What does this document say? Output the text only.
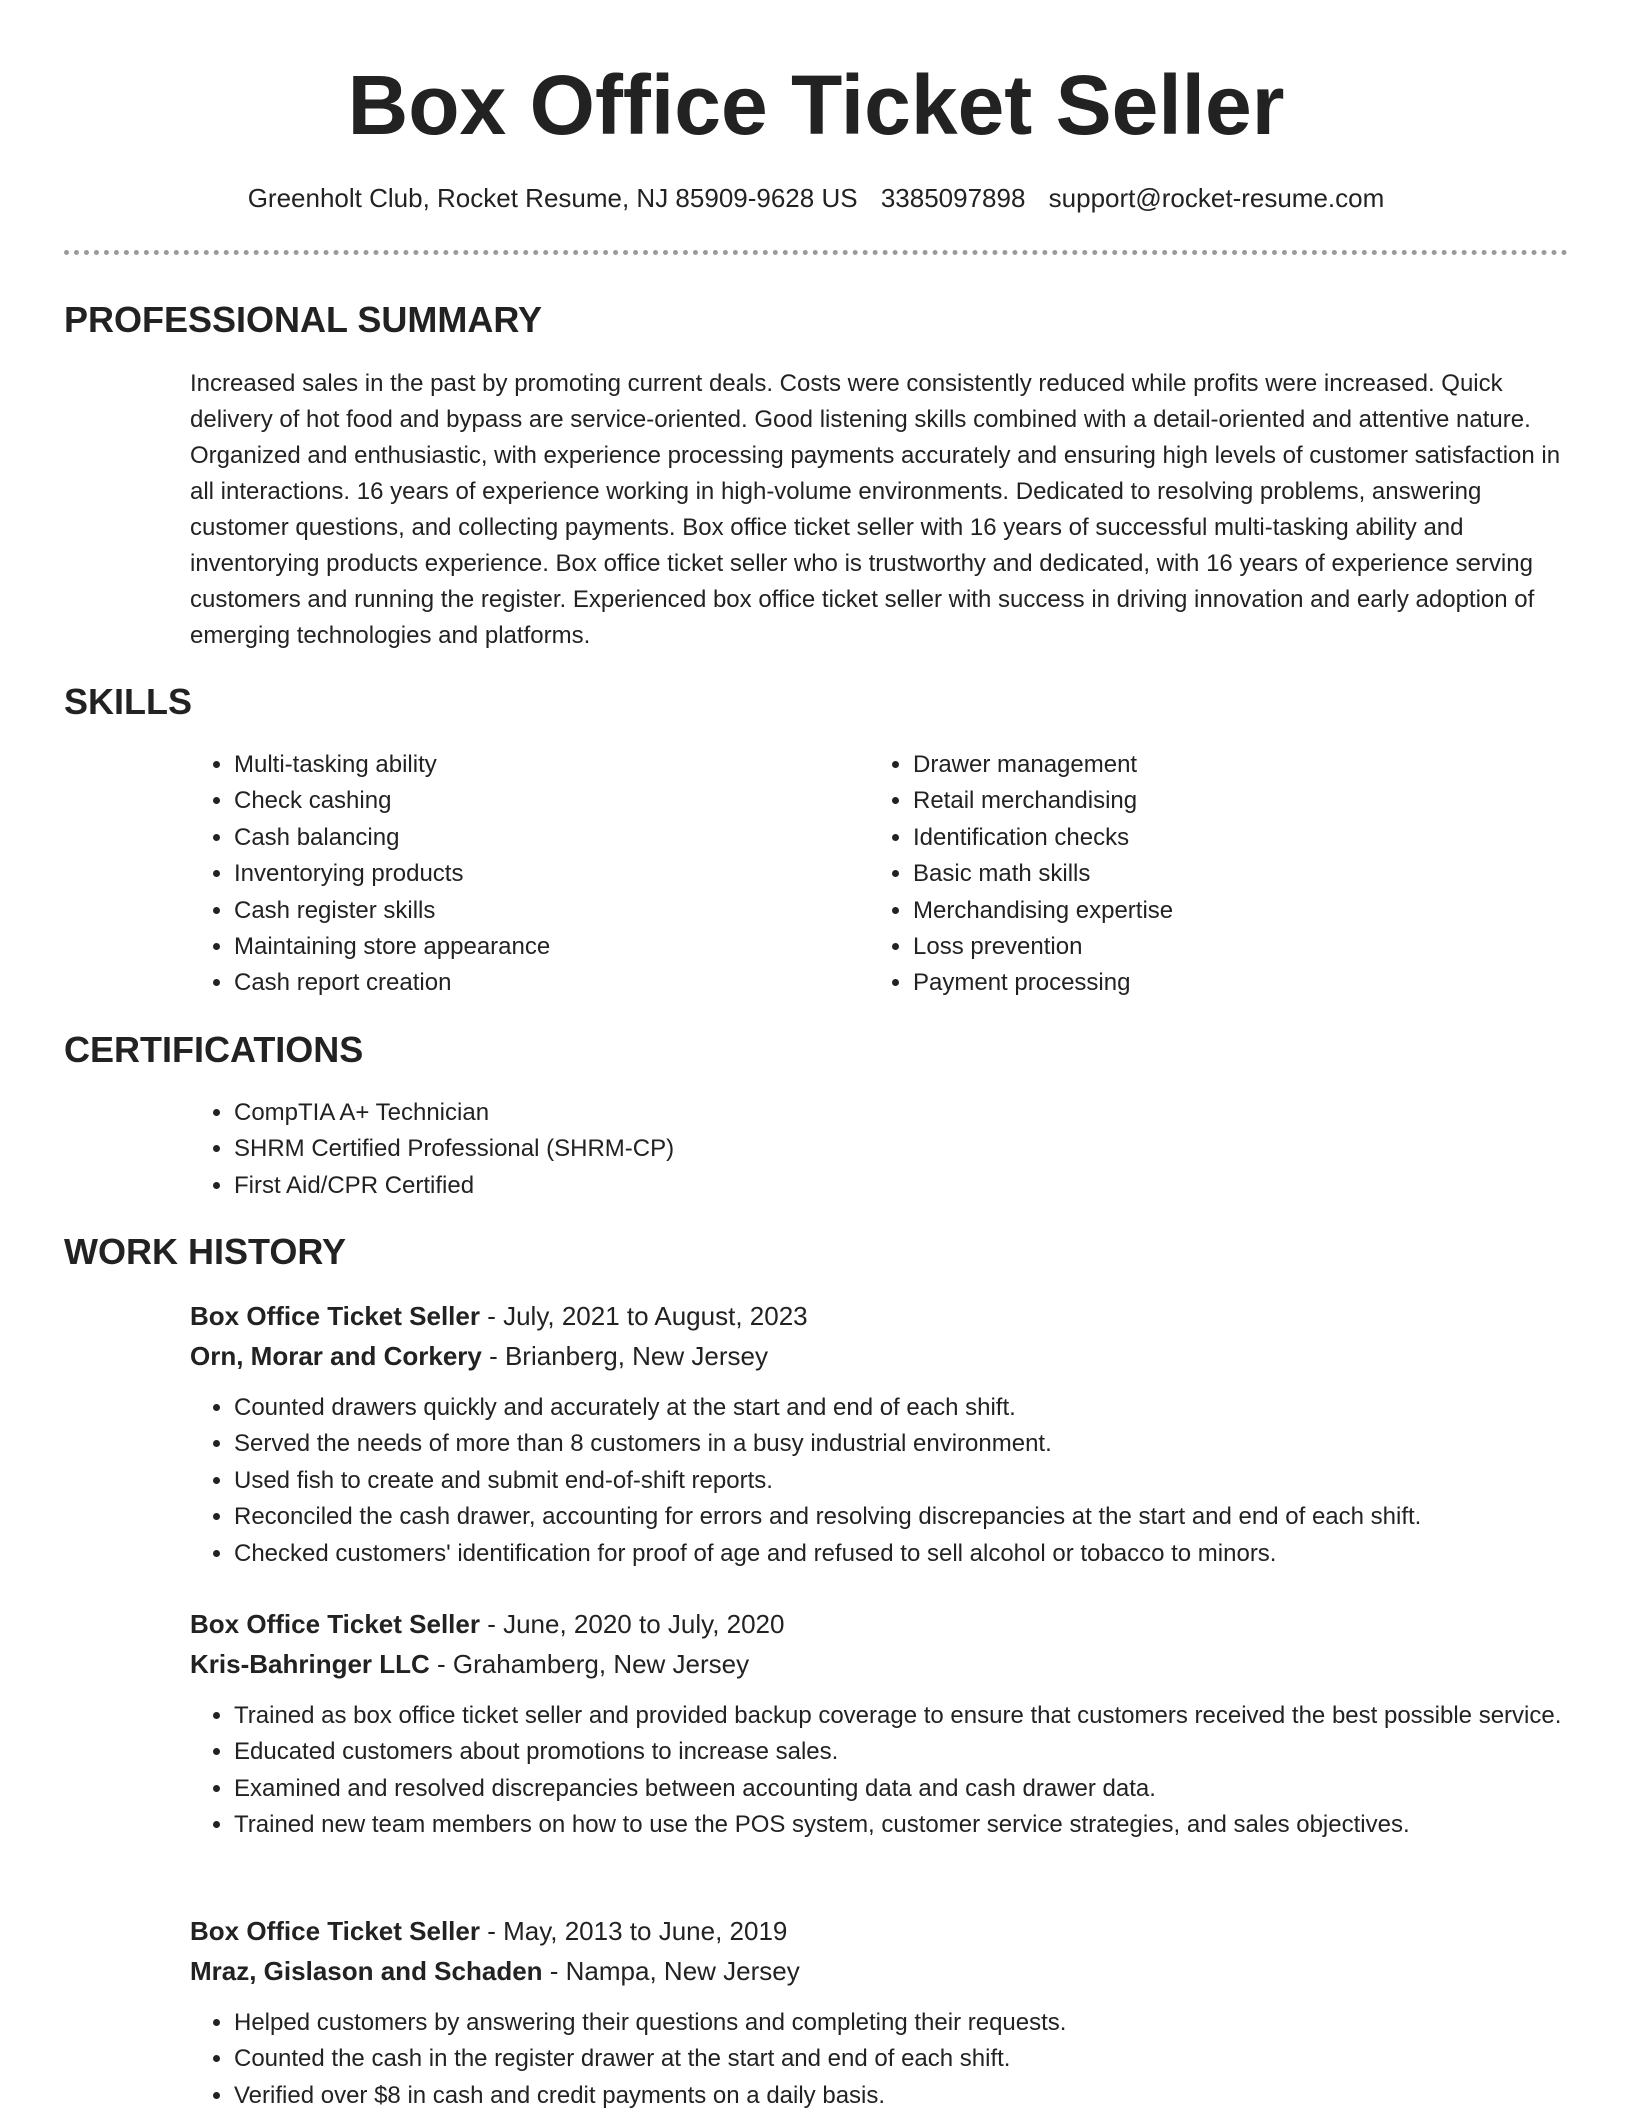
Box Office Ticket Seller
Greenholt Club, Rocket Resume, NJ 85909-9628 US 3385097898 support@rocket-resume.com
PROFESSIONAL SUMMARY

Increased sales in the past by promoting current deals. Costs were consistently reduced while profits were increased. Quick delivery of hot food and bypass are service-oriented. Good listening skills combined with a detail-oriented and attentive nature. Organized and enthusiastic, with experience processing payments accurately and ensuring high levels of customer satisfaction in all interactions. 16 years of experience working in high-volume environments. Dedicated to resolving problems, answering customer questions, and collecting payments. Box office ticket seller with 16 years of successful multi-tasking ability and inventorying products experience. Box office ticket seller who is trustworthy and dedicated, with 16 years of experience serving customers and running the register. Experienced box office ticket seller with success in driving innovation and early adoption of emerging technologies and platforms.

SKILLS
• Multi-tasking ability
• Check cashing
• Cash balancing
• Inventorying products
• Cash register skills
• Maintaining store appearance
• Cash report creation
• Drawer management
• Retail merchandising
• Identification checks
• Basic math skills
• Merchandising expertise
• Loss prevention
• Payment processing
CERTIFICATIONS
• CompTIA A+ Technician
• SHRM Certified Professional (SHRM-CP)
• First Aid/CPR Certified
WORK HISTORY
Box Office Ticket Seller - July, 2021 to August, 2023
Orn, Morar and Corkery - Brianberg, New Jersey
• Counted drawers quickly and accurately at the start and end of each shift.
• Served the needs of more than 8 customers in a busy industrial environment.
• Used fish to create and submit end-of-shift reports.
• Reconciled the cash drawer, accounting for errors and resolving discrepancies at the start and end of each shift.
• Checked customers' identification for proof of age and refused to sell alcohol or tobacco to minors.
Box Office Ticket Seller - June, 2020 to July, 2020
Kris-Bahringer LLC - Grahamberg, New Jersey
• Trained as box office ticket seller and provided backup coverage to ensure that customers received the best possible service.
• Educated customers about promotions to increase sales.
• Examined and resolved discrepancies between accounting data and cash drawer data.
• Trained new team members on how to use the POS system, customer service strategies, and sales objectives.
Box Office Ticket Seller - May, 2013 to June, 2019
Mraz, Gislason and Schaden - Nampa, New Jersey
• Helped customers by answering their questions and completing their requests.
• Counted the cash in the register drawer at the start and end of each shift.
• Verified over $8 in cash and credit payments on a daily basis.
